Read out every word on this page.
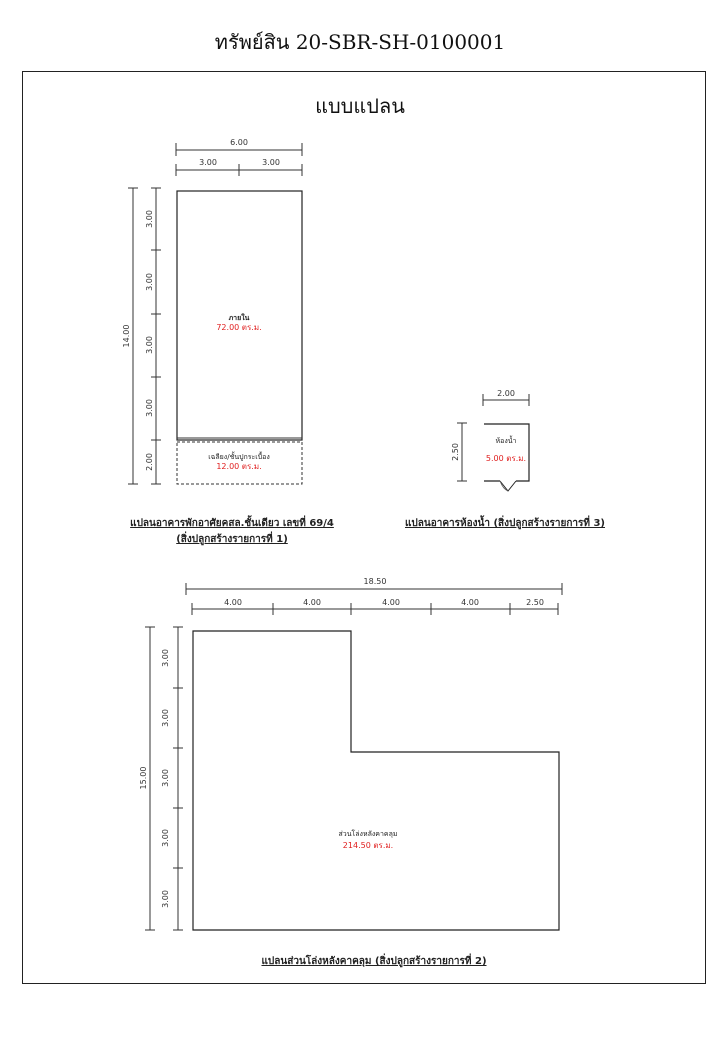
ทรัพย์สิน 20-SBR-SH-0100001
แบบแปลน
6.00
3.00	3.00
14.00
3.00
3.00
3.00
3.00
2.00
ภายใน
72.00 ตร.ม.
เฉลียง/ชั้นปูกระเบื้อง
12.00 ตร.ม.
แปลนอาคารพักอาศัยคสล.ชั้นเดียว เลขที่ 69/4
(สิ่งปลูกสร้างรายการที่ 1)
2.00
2.50
ห้องน้ำ
5.00 ตร.ม.
แปลนอาคารห้องน้ำ (สิ่งปลูกสร้างรายการที่ 3)
18.50
4.00	4.00	4.00	4.00	2.50
15.00
3.00
3.00
3.00
3.00
3.00
ส่วนโล่งหลังคาคลุม
214.50 ตร.ม.
แปลนส่วนโล่งหลังคาคลุม (สิ่งปลูกสร้างรายการที่ 2)
